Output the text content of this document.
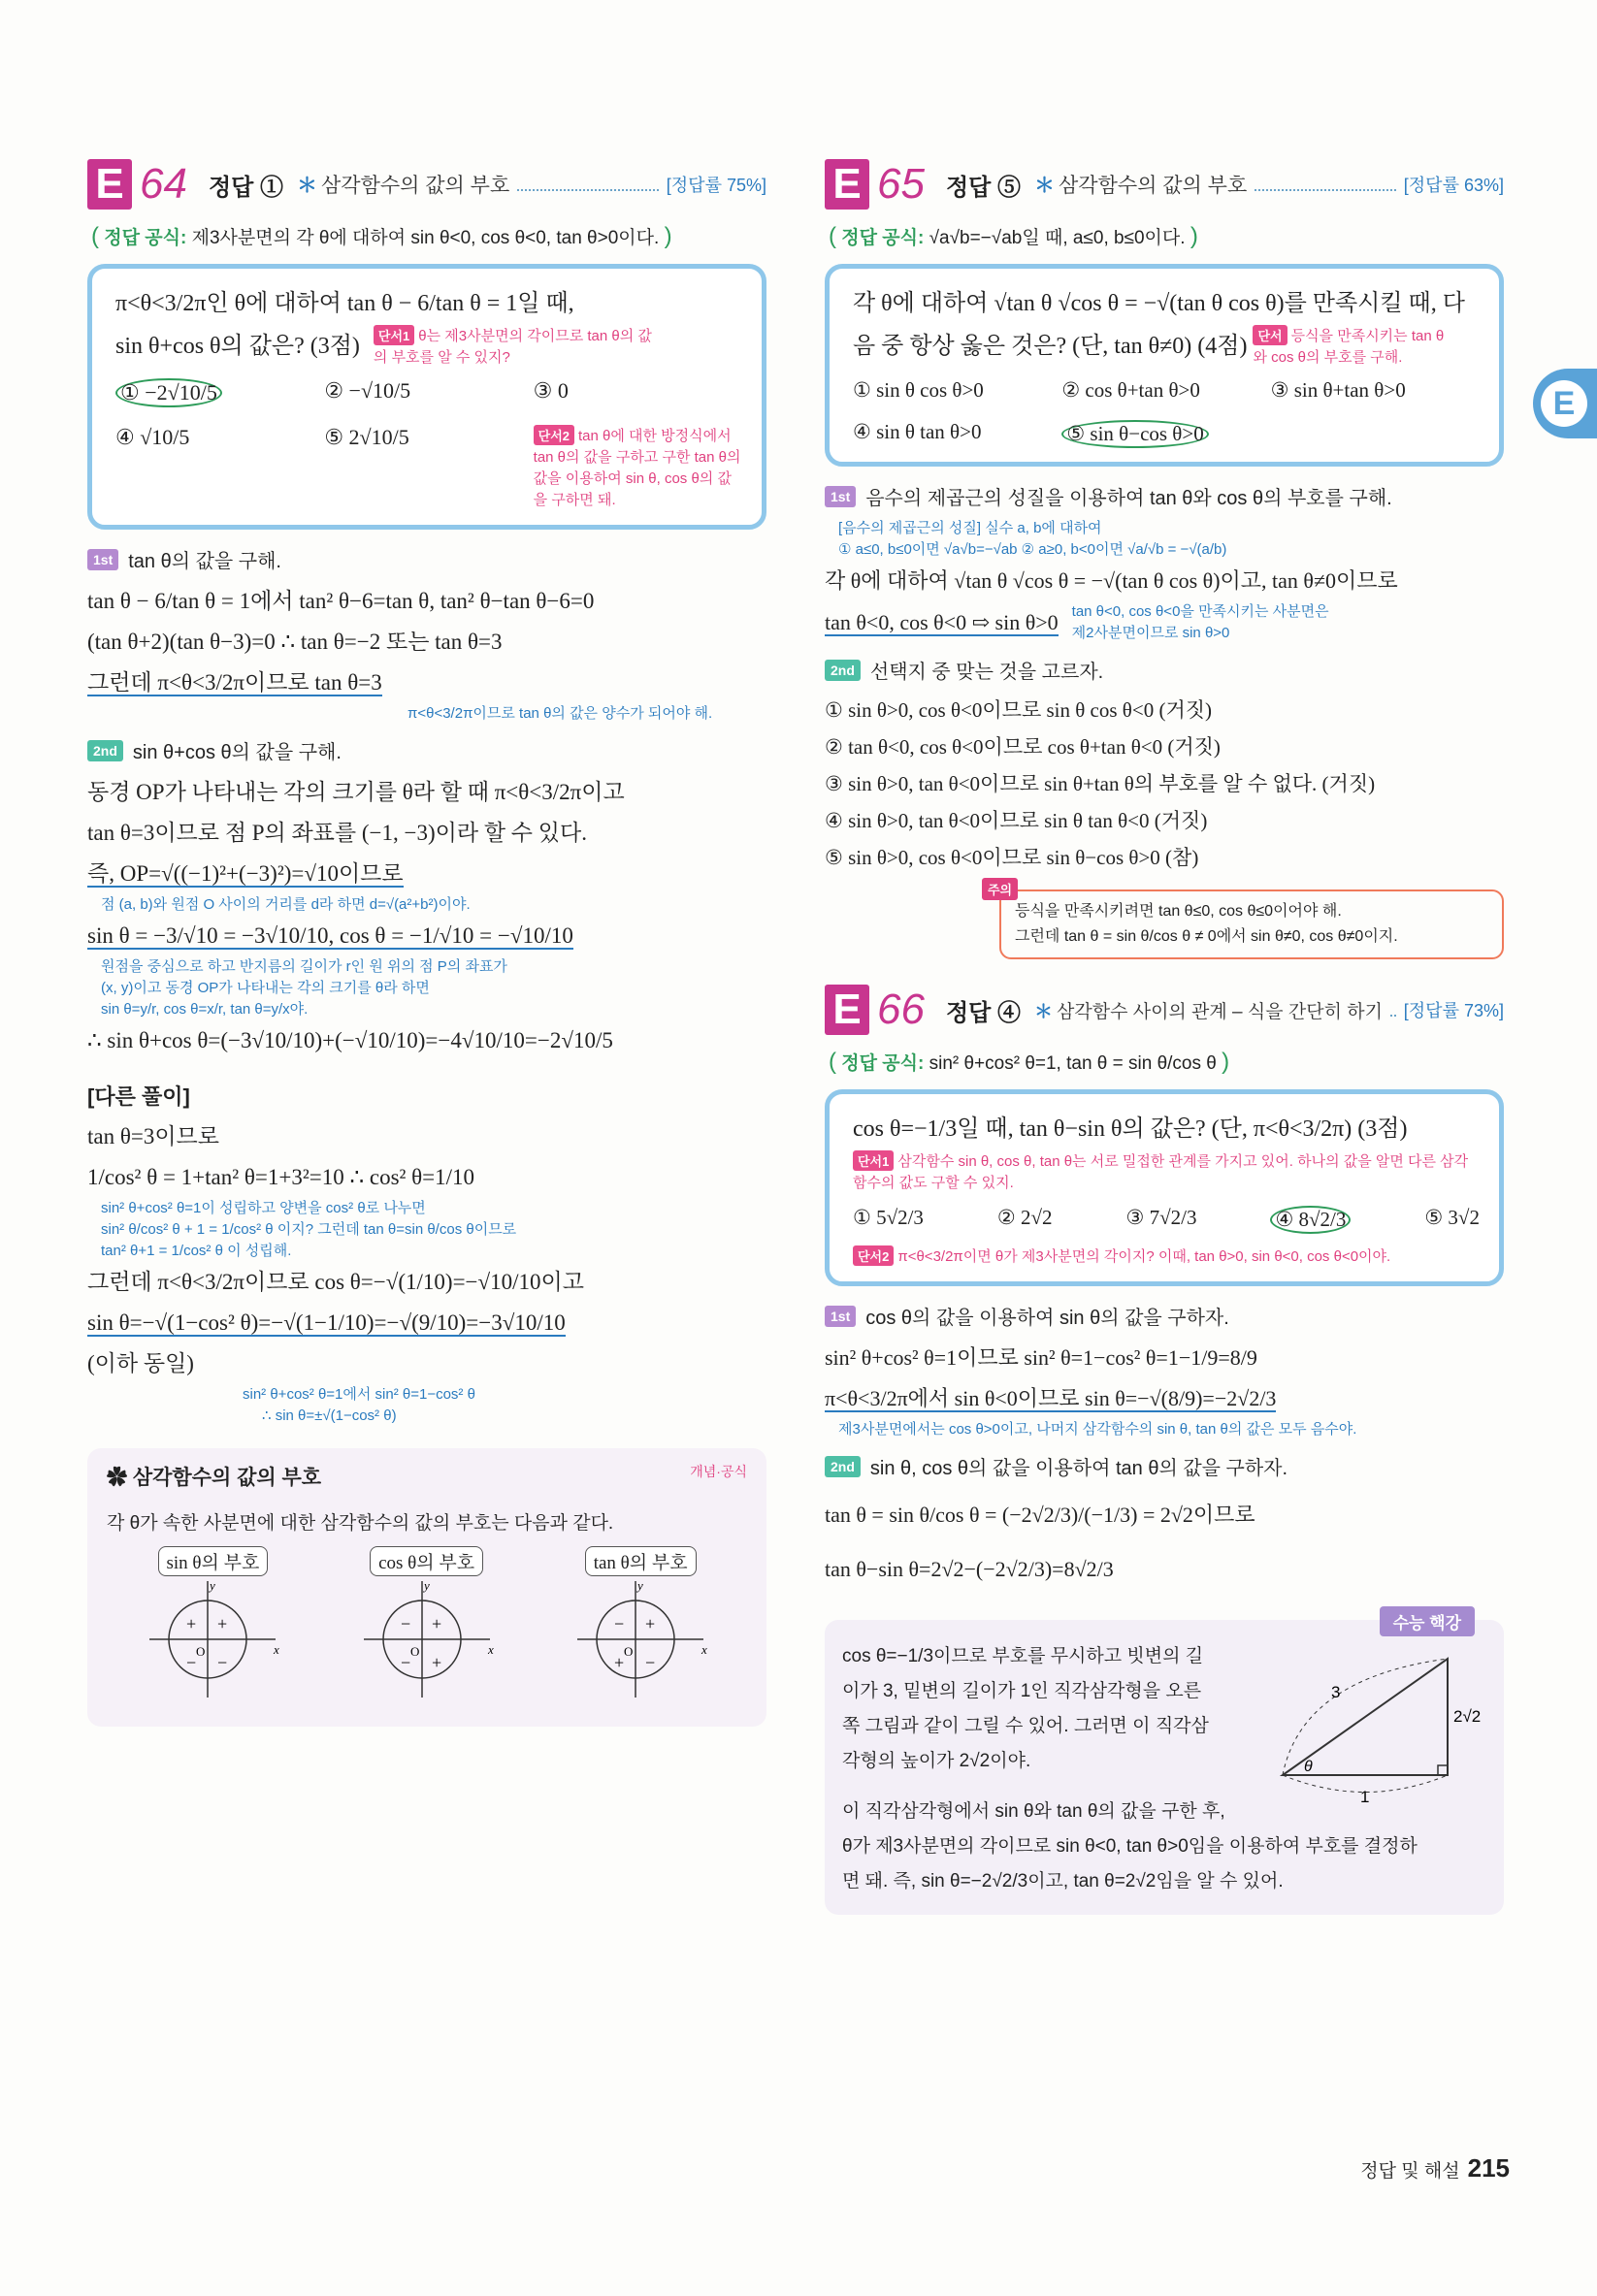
E 64 정답 ① ＊ 삼각함수의 값의 부호	[정답률 75%]
( 정답 공식: 제3사분면의 각 θ에 대하여 sin θ<0, cos θ<0, tan θ>0이다. )
π<θ<3/2π인 θ에 대하여 tan θ − 6/tan θ = 1일 때,
sin θ+cos θ의 값은? (3점)	단서1 θ는 제3사분면의 각이므로 tan θ의 값의 부호를 알 수 있지?
① −2√10/5	② −√10/5	③ 0
④ √10/5	⑤ 2√10/5	단서2 tan θ에 대한 방정식에서 tan θ의 값을 구하고 구한 tan θ의 값을 이용하여 sin θ, cos θ의 값을 구하면 돼.
1st tan θ의 값을 구해.
tan θ − 6/tan θ = 1에서 tan² θ−6=tan θ, tan² θ−tan θ−6=0
(tan θ+2)(tan θ−3)=0 ∴ tan θ=−2 또는 tan θ=3
그런데 π<θ<3/2π이므로 tan θ=3
π<θ<3/2π이므로 tan θ의 값은 양수가 되어야 해.
2nd sin θ+cos θ의 값을 구해.
동경 OP가 나타내는 각의 크기를 θ라 할 때 π<θ<3/2π이고
tan θ=3이므로 점 P의 좌표를 (−1, −3)이라 할 수 있다.
즉, OP=√((−1)²+(−3)²)=√10이므로
점 (a, b)와 원점 O 사이의 거리를 d라 하면 d=√(a²+b²)이야.
sin θ = −3/√10 = −3√10/10, cos θ = −1/√10 = −√10/10
원점을 중심으로 하고 반지름의 길이가 r인 원 위의 점 P의 좌표가
(x, y)이고 동경 OP가 나타내는 각의 크기를 θ라 하면
sin θ=y/r, cos θ=x/r, tan θ=y/x야.
∴ sin θ+cos θ=(−3√10/10)+(−√10/10)=−4√10/10=−2√10/5
[다른 풀이]
tan θ=3이므로
1/cos² θ = 1+tan² θ=1+3²=10 ∴ cos² θ=1/10
sin² θ+cos² θ=1이 성립하고 양변을 cos² θ로 나누면
sin² θ/cos² θ + 1 = 1/cos² θ 이지? 그런데 tan θ=sin θ/cos θ이므로
tan² θ+1 = 1/cos² θ 이 성립해.
그런데 π<θ<3/2π이므로 cos θ=−√(1/10)=−√10/10이고
sin θ=−√(1−cos² θ)=−√(1−1/10)=−√(9/10)=−3√10/10
(이하 동일)
sin² θ+cos² θ=1에서 sin² θ=1−cos² θ
∴ sin θ=±√(1−cos² θ)
✿ 삼각함수의 값의 부호	개념·공식
각 θ가 속한 사분면에 대한 삼각함수의 값의 부호는 다음과 같다.
sin θ의 부호
y
x
O
+
+
− −
cos θ의 부호
y
x
O
− +
− +
tan θ의 부호
y
x
O
− +
+ −
E 65 정답 ⑤ ＊ 삼각함수의 값의 부호	[정답률 63%]
( 정답 공식: √a√b=−√ab일 때, a≤0, b≤0이다. )
각 θ에 대하여 √tan θ √cos θ = −√(tan θ cos θ)를 만족시킬 때, 다
음 중 항상 옳은 것은? (단, tan θ≠0) (4점) 단서 등식을 만족시키는 tan θ와 cos θ의 부호를 구해.
① sin θ cos θ>0	② cos θ+tan θ>0	③ sin θ+tan θ>0
④ sin θ tan θ>0	⑤ sin θ−cos θ>0
1st 음수의 제곱근의 성질을 이용하여 tan θ와 cos θ의 부호를 구해.
[음수의 제곱근의 성질] 실수 a, b에 대하여
① a≤0, b≤0이면 √a√b=−√ab ② a≥0, b<0이면 √a/√b = −√(a/b)
각 θ에 대하여 √tan θ √cos θ = −√(tan θ cos θ)이고, tan θ≠0이므로
tan θ<0, cos θ<0 ⇨ sin θ>0 tan θ<0, cos θ<0을 만족시키는 사분면은 제2사분면이므로 sin θ>0
2nd 선택지 중 맞는 것을 고르자.
① sin θ>0, cos θ<0이므로 sin θ cos θ<0 (거짓)
② tan θ<0, cos θ<0이므로 cos θ+tan θ<0 (거짓)
③ sin θ>0, tan θ<0이므로 sin θ+tan θ의 부호를 알 수 없다. (거짓)
④ sin θ>0, tan θ<0이므로 sin θ tan θ<0 (거짓)
⑤ sin θ>0, cos θ<0이므로 sin θ−cos θ>0 (참)
주의
등식을 만족시키려면 tan θ≤0, cos θ≤0이어야 해.
그런데 tan θ = sin θ/cos θ ≠ 0에서 sin θ≠0, cos θ≠0이지.
E 66 정답 ④ ＊ 삼각함수 사이의 관계 – 식을 간단히 하기 [정답률 73%]
( 정답 공식: sin² θ+cos² θ=1, tan θ = sin θ/cos θ )
cos θ=−1/3일 때, tan θ−sin θ의 값은? (단, π<θ<3/2π) (3점)
단서1 삼각함수 sin θ, cos θ, tan θ는 서로 밀접한 관계를 가지고 있어. 하나의 값을 알면 다른 삼각함수의 값도 구할 수 있지.
① 5√2/3	② 2√2	③ 7√2/3	④ 8√2/3	⑤ 3√2
단서2 π<θ<3/2π이면 θ가 제3사분면의 각이지? 이때, tan θ>0, sin θ<0, cos θ<0이야.
1st cos θ의 값을 이용하여 sin θ의 값을 구하자.
sin² θ+cos² θ=1이므로 sin² θ=1−cos² θ=1−1/9=8/9
π<θ<3/2π에서 sin θ<0이므로 sin θ=−√(8/9)=−2√2/3
제3사분면에서는 cos θ>0이고, 나머지 삼각함수의 sin θ, tan θ의 값은 모두 음수야.
2nd sin θ, cos θ의 값을 이용하여 tan θ의 값을 구하자.
tan θ = sin θ/cos θ = (−2√2/3)/(−1/3) = 2√2이므로
tan θ−sin θ=2√2−(−2√2/3)=8√2/3
수능 핵강
cos θ=−1/3이므로 부호를 무시하고 빗변의 길
이가 3, 밑변의 길이가 1인 직각삼각형을 오른
쪽 그림과 같이 그릴 수 있어. 그러면 이 직각삼
각형의 높이가 2√2이야.
3
1
2√2
θ
이 직각삼각형에서 sin θ와 tan θ의 값을 구한 후,
θ가 제3사분면의 각이므로 sin θ<0, tan θ>0임을 이용하여 부호를 결정하
면 돼. 즉, sin θ=−2√2/3이고, tan θ=2√2임을 알 수 있어.
E
정답 및 해설 215
